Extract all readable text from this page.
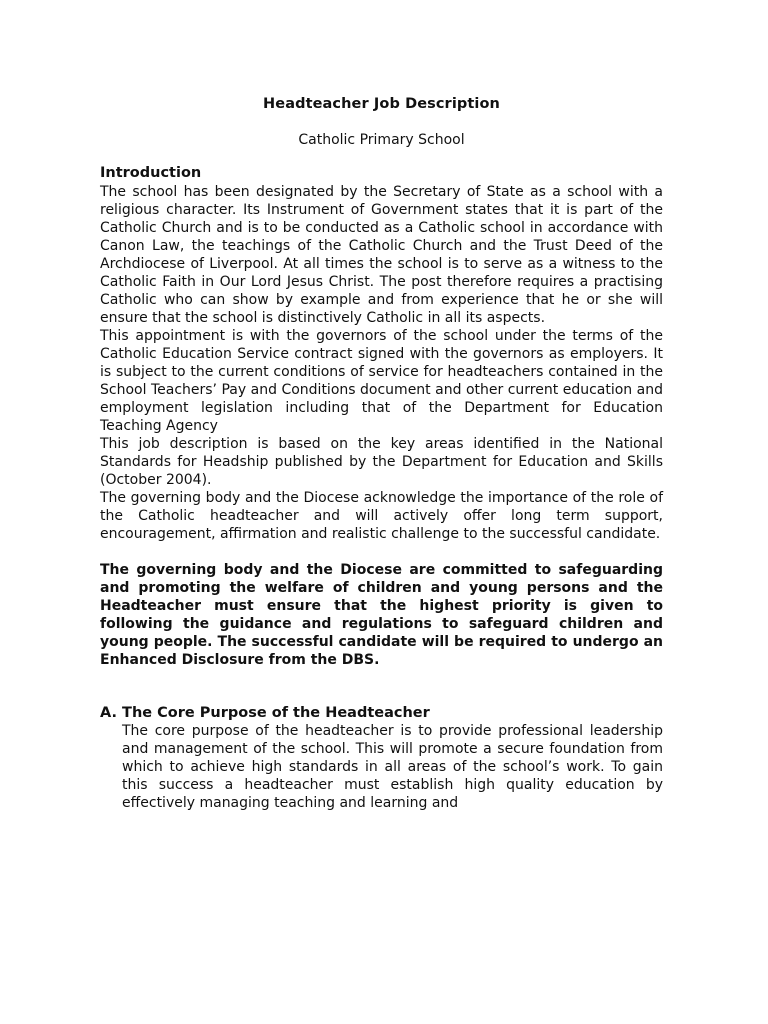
Headteacher Job Description
Catholic Primary School
Introduction

The school has been designated by the Secretary of State as a school with a religious character. Its Instrument of Government states that it is part of the Catholic Church and is to be conducted as a Catholic school in accordance with Canon Law, the teachings of the Catholic Church and the Trust Deed of the Archdiocese of Liverpool. At all times the school is to serve as a witness to the Catholic Faith in Our Lord Jesus Christ. The post therefore requires a practising Catholic who can show by example and from experience that he or she will ensure that the school is distinctively Catholic in all its aspects.

This appointment is with the governors of the school under the terms of the Catholic Education Service contract signed with the governors as employers. It is subject to the current conditions of service for headteachers contained in the School Teachers’ Pay and Conditions document and other current education and employment legislation including that of the Department for Education Teaching Agency

This job description is based on the key areas identified in the National Standards for Headship published by the Department for Education and Skills (October 2004).

The governing body and the Diocese acknowledge the importance of the role of the Catholic headteacher and will actively offer long term support, encouragement, affirmation and realistic challenge to the successful candidate.

The governing body and the Diocese are committed to safeguarding and promoting the welfare of children and young persons and the Headteacher must ensure that the highest priority is given to following the guidance and regulations to safeguard children and young people. The successful candidate will be required to undergo an Enhanced Disclosure from the DBS.

A. The Core Purpose of the Headteacher

The core purpose of the headteacher is to provide professional leadership and management of the school. This will promote a secure foundation from which to achieve high standards in all areas of the school’s work. To gain this success a headteacher must establish high quality education by effectively managing teaching and learning and
